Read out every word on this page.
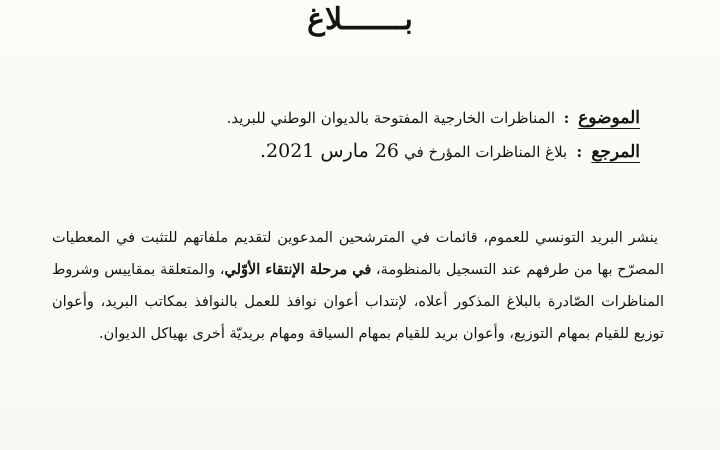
بـــــــلاغ
الموضوع : المناظرات الخارجية المفتوحة بالديوان الوطني للبريد.
المرجع : بلاغ المناظرات المؤرخ في 26 مارس 2021.
ينشر البريد التونسي للعموم، قائمات في المترشحين المدعوين لتقديم ملفاتهم للتثبت في المعطيات المصرّح بها من طرفهم عند التسجيل بالمنظومة، في مرحلة الإنتقاء الأوّلي، والمتعلقة بمقاييس وشروط المناظرات الصّادرة بالبلاغ المذكور أعلاه، لإنتداب أعوان نوافذ للعمل بالنوافذ بمكاتب البريد، وأعوان توزيع للقيام بمهام التوزيع، وأعوان بريد للقيام بمهام السياقة ومهام بريديّة أخرى بهياكل الديوان.
